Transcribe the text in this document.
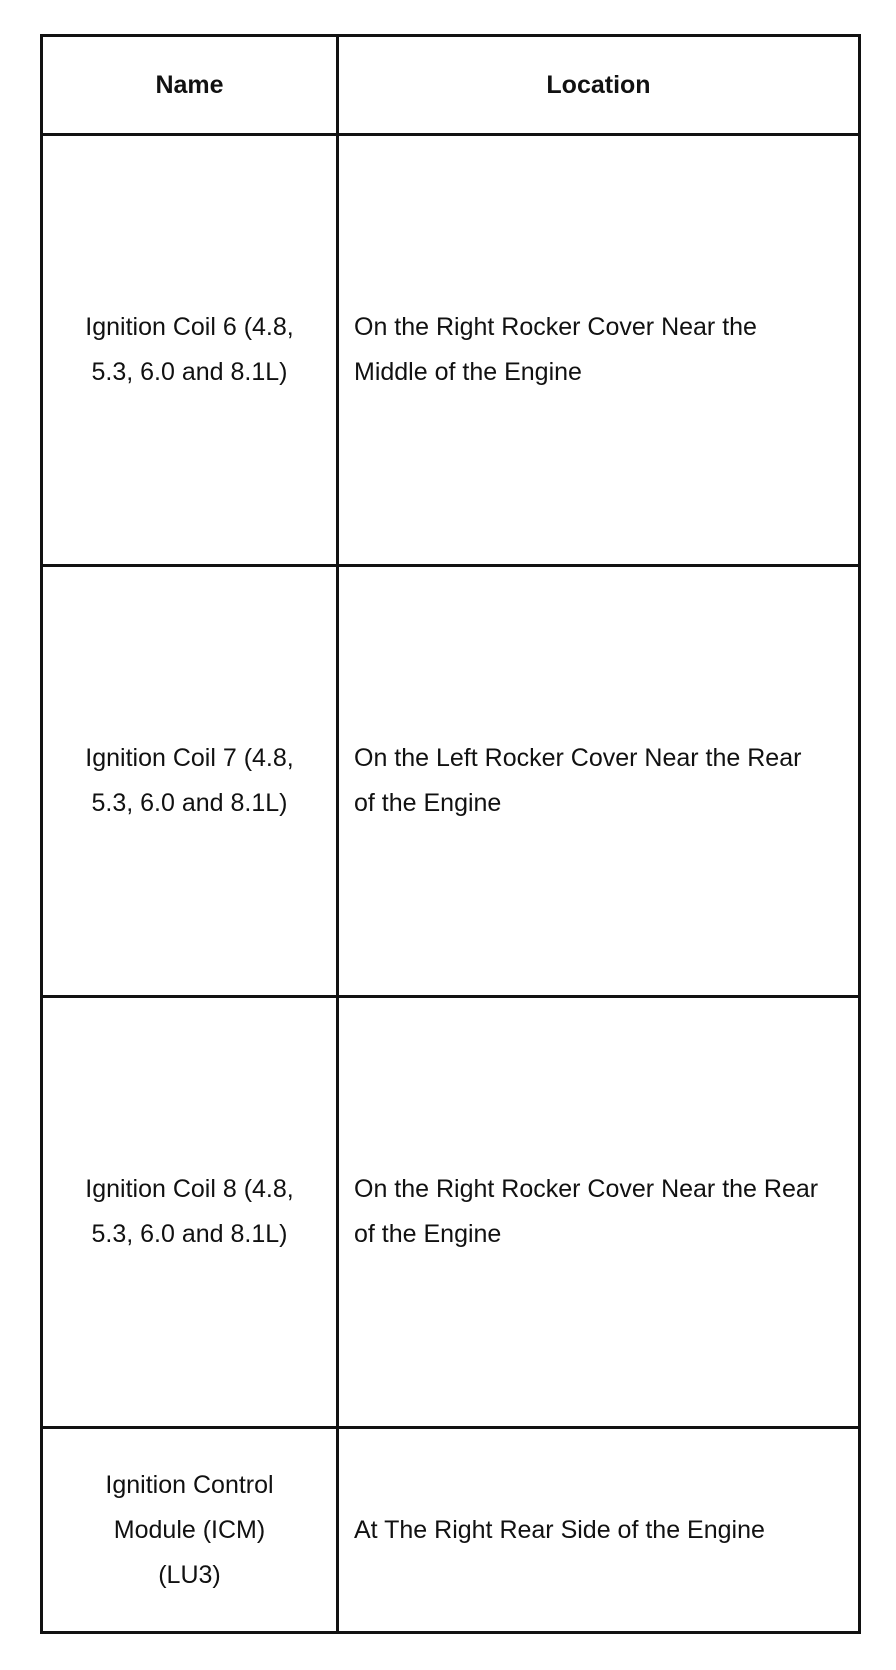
Name	Location
Ignition Coil 6 (4.8, 5.3, 6.0 and 8.1L)	On the Right Rocker Cover Near the Middle of the Engine
Ignition Coil 7 (4.8, 5.3, 6.0 and 8.1L)	On the Left Rocker Cover Near the Rear of the Engine
Ignition Coil 8 (4.8, 5.3, 6.0 and 8.1L)	On the Right Rocker Cover Near the Rear of the Engine
Ignition Control Module (ICM) (LU3)	At The Right Rear Side of the Engine
